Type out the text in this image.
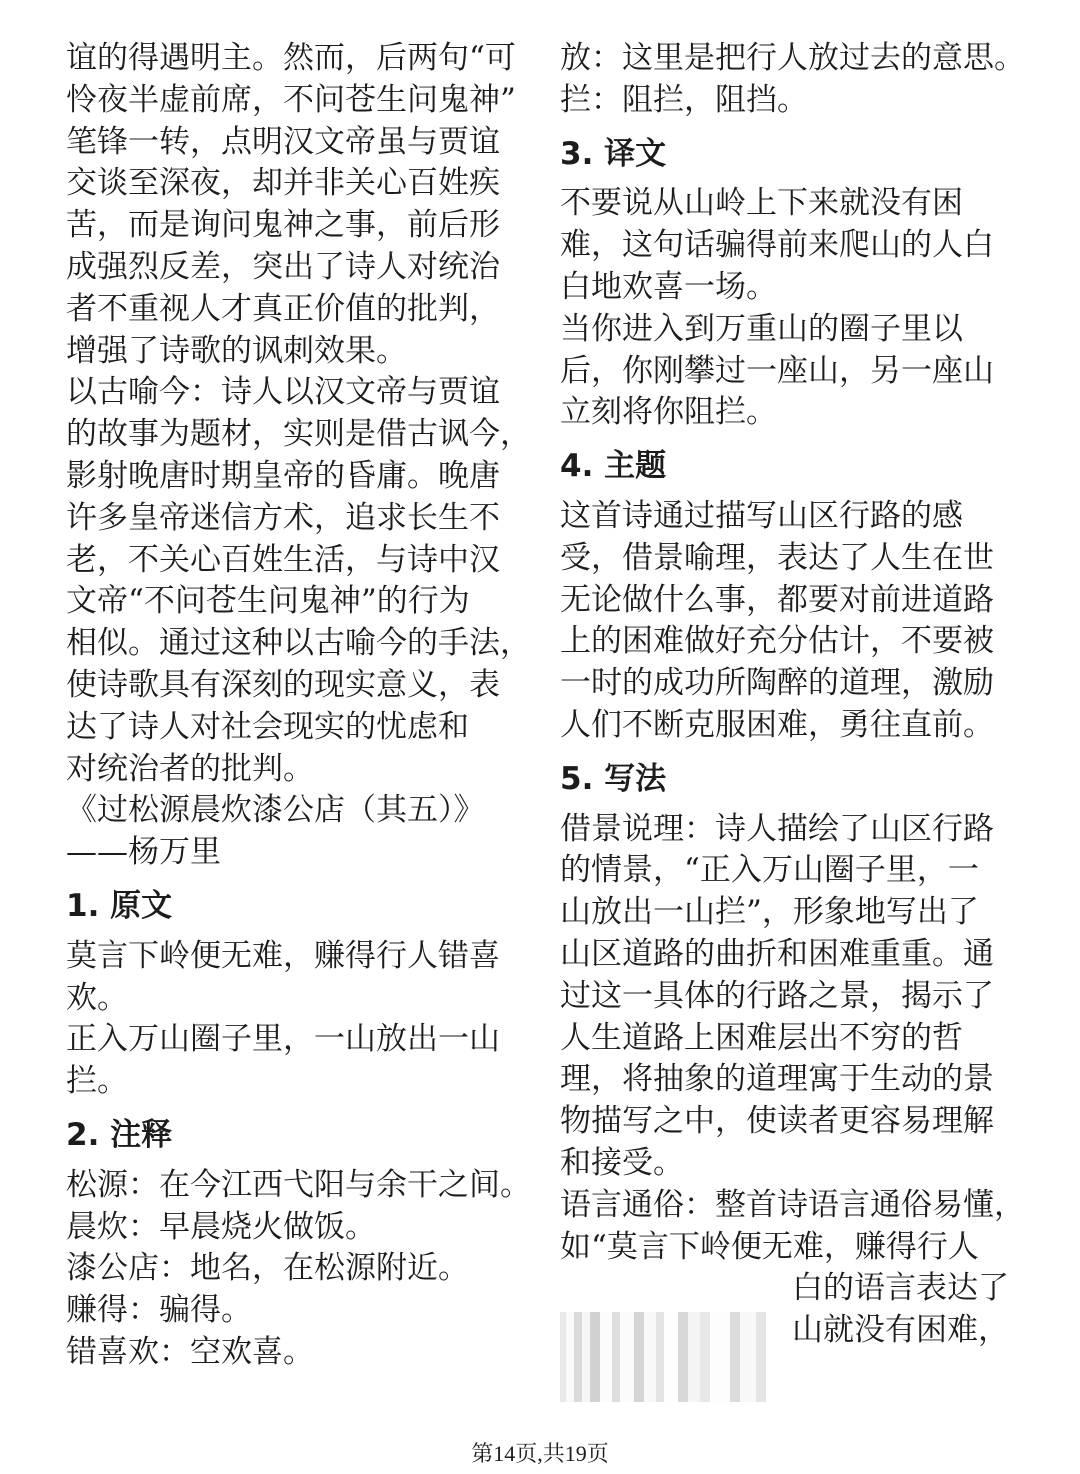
谊的得遇明主。然而，后两句“可
怜夜半虚前席，不问苍生问鬼神”
笔锋一转，点明汉文帝虽与贾谊
交谈至深夜，却并非关心百姓疾
苦，而是询问鬼神之事，前后形
成强烈反差，突出了诗人对统治
者不重视人才真正价值的批判，
增强了诗歌的讽刺效果。
以古喻今：诗人以汉文帝与贾谊
的故事为题材，实则是借古讽今，
影射晚唐时期皇帝的昏庸。晚唐
许多皇帝迷信方术，追求长生不
老，不关心百姓生活，与诗中汉
文帝“不问苍生问鬼神”的行为
相似。通过这种以古喻今的手法，
使诗歌具有深刻的现实意义，表
达了诗人对社会现实的忧虑和
对统治者的批判。
《过松源晨炊漆公店（其五）》
——杨万里
1. 原文
莫言下岭便无难，赚得行人错喜
欢。
正入万山圈子里，一山放出一山
拦。
2. 注释
松源：在今江西弋阳与余干之间。
晨炊：早晨烧火做饭。
漆公店：地名，在松源附近。
赚得：骗得。
错喜欢：空欢喜。
放：这里是把行人放过去的意思。
拦：阻拦，阻挡。
3. 译文
不要说从山岭上下来就没有困
难，这句话骗得前来爬山的人白
白地欢喜一场。
当你进入到万重山的圈子里以
后，你刚攀过一座山，另一座山
立刻将你阻拦。
4. 主题
这首诗通过描写山区行路的感
受，借景喻理，表达了人生在世
无论做什么事，都要对前进道路
上的困难做好充分估计，不要被
一时的成功所陶醉的道理，激励
人们不断克服困难，勇往直前。
5. 写法
借景说理：诗人描绘了山区行路
的情景，“正入万山圈子里，一
山放出一山拦”，形象地写出了
山区道路的曲折和困难重重。通
过这一具体的行路之景，揭示了
人生道路上困难层出不穷的哲
理，将抽象的道理寓于生动的景
物描写之中，使读者更容易理解
和接受。
语言通俗：整首诗语言通俗易懂，
如“莫言下岭便无难，赚得行人
白的语言表达了
山就没有困难，
第14页,共19页
